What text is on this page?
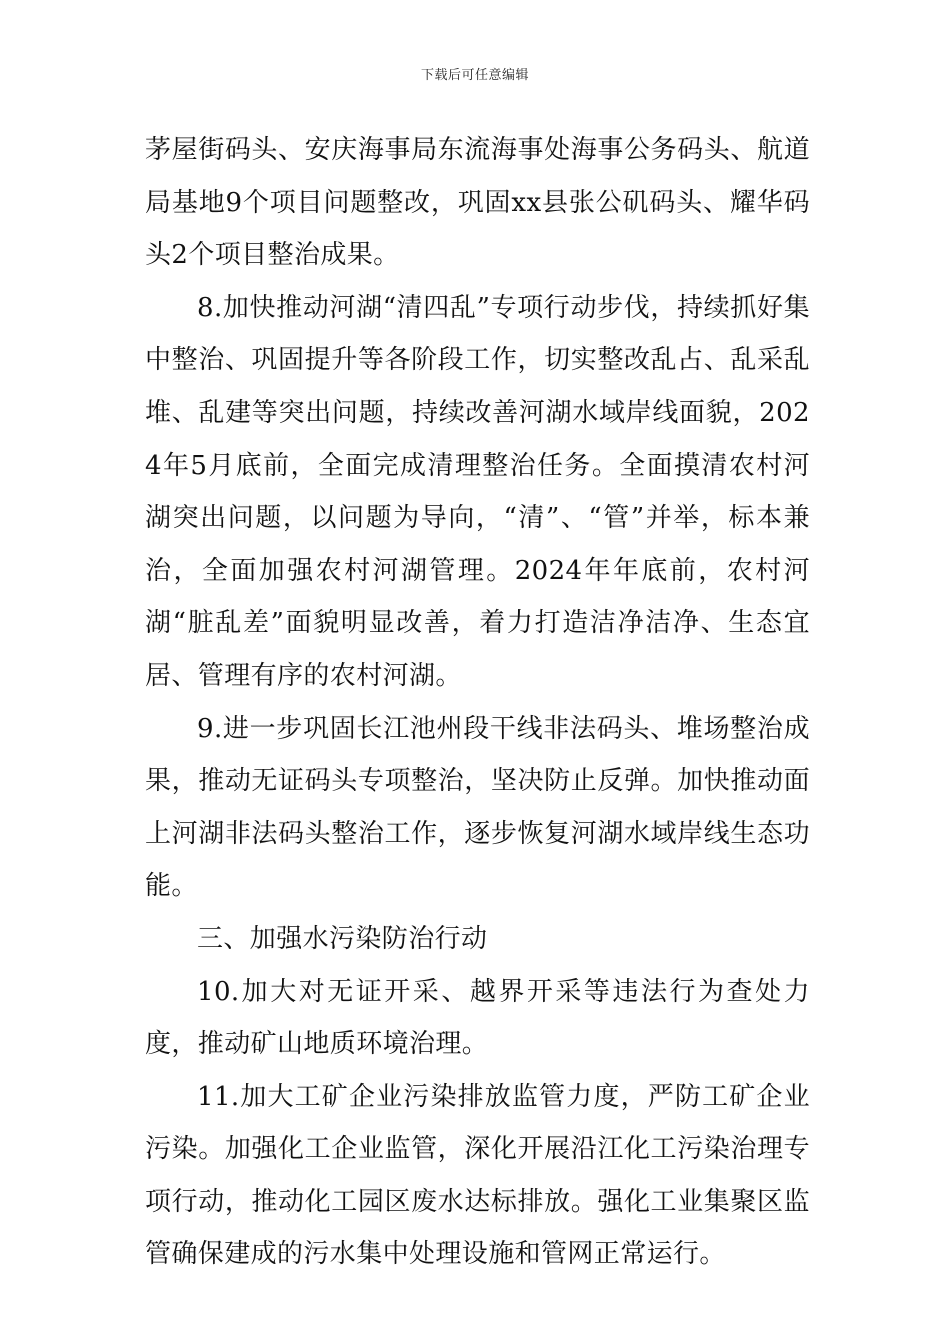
下载后可任意编辑

茅屋街码头、安庆海事局东流海事处海事公务码头、航道局基地9个项目问题整改，巩固xx县张公矶码头、耀华码头2个项目整治成果。

8.加快推动河湖“清四乱”专项行动步伐，持续抓好集中整治、巩固提升等各阶段工作，切实整改乱占、乱采乱堆、乱建等突出问题，持续改善河湖水域岸线面貌，2024年5月底前，全面完成清理整治任务。全面摸清农村河湖突出问题，以问题为导向，“清”、“管”并举，标本兼治，全面加强农村河湖管理。2024年年底前，农村河湖“脏乱差”面貌明显改善，着力打造洁净洁净、生态宜居、管理有序的农村河湖。

9.进一步巩固长江池州段干线非法码头、堆场整治成果，推动无证码头专项整治，坚决防止反弹。加快推动面上河湖非法码头整治工作，逐步恢复河湖水域岸线生态功能。

三、加强水污染防治行动

10.加大对无证开采、越界开采等违法行为查处力度，推动矿山地质环境治理。

11.加大工矿企业污染排放监管力度，严防工矿企业污染。加强化工企业监管，深化开展沿江化工污染治理专项行动，推动化工园区废水达标排放。强化工业集聚区监管确保建成的污水集中处理设施和管网正常运行。
